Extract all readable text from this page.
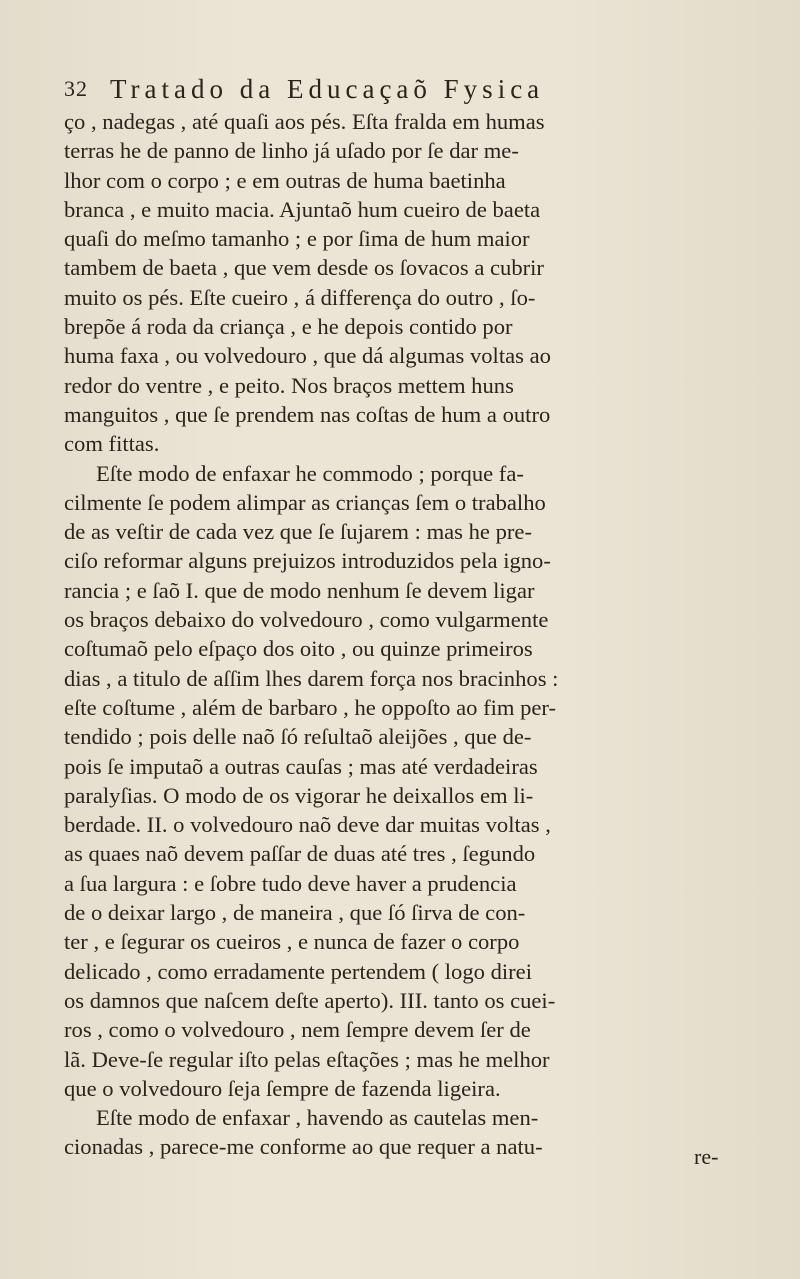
32 Tratado da Educaçaõ Fysica
ço , nadegas , até quaſi aos pés. Eſta fralda em humas
terras he de panno de linho já uſado por ſe dar me-
lhor com o corpo ; e em outras de huma baetinha
branca , e muito macia. Ajuntaõ hum cueiro de baeta
quaſi do meſmo tamanho ; e por ſima de hum maior
tambem de baeta , que vem desde os ſovacos a cubrir
muito os pés. Eſte cueiro , á differença do outro , ſo-
brepõe á roda da criança , e he depois contido por
huma faxa , ou volvedouro , que dá algumas voltas ao
redor do ventre , e peito. Nos braços mettem huns
manguitos , que ſe prendem nas coſtas de hum a outro
com fittas.
Eſte modo de enfaxar he commodo ; porque fa-
cilmente ſe podem alimpar as crianças ſem o trabalho
de as veſtir de cada vez que ſe ſujarem : mas he pre-
ciſo reformar alguns prejuizos introduzidos pela igno-
rancia ; e ſaõ I. que de modo nenhum ſe devem ligar
os braços debaixo do volvedouro , como vulgarmente
coſtumaõ pelo eſpaço dos oito , ou quinze primeiros
dias , a titulo de aſſim lhes darem força nos bracinhos :
eſte coſtume , além de barbaro , he oppoſto ao fim per-
tendido ; pois delle naõ ſó reſultaõ aleijões , que de-
pois ſe imputaõ a outras cauſas ; mas até verdadeiras
paralyſias. O modo de os vigorar he deixallos em li-
berdade. II. o volvedouro naõ deve dar muitas voltas ,
as quaes naõ devem paſſar de duas até tres , ſegundo
a ſua largura : e ſobre tudo deve haver a prudencia
de o deixar largo , de maneira , que ſó ſirva de con-
ter , e ſegurar os cueiros , e nunca de fazer o corpo
delicado , como erradamente pertendem ( logo direi
os damnos que naſcem deſte aperto). III. tanto os cuei-
ros , como o volvedouro , nem ſempre devem ſer de
lã. Deve-ſe regular iſto pelas eſtações ; mas he melhor
que o volvedouro ſeja ſempre de fazenda ligeira.
Eſte modo de enfaxar , havendo as cautelas men-
cionadas , parece-me conforme ao que requer a natu-	re-
